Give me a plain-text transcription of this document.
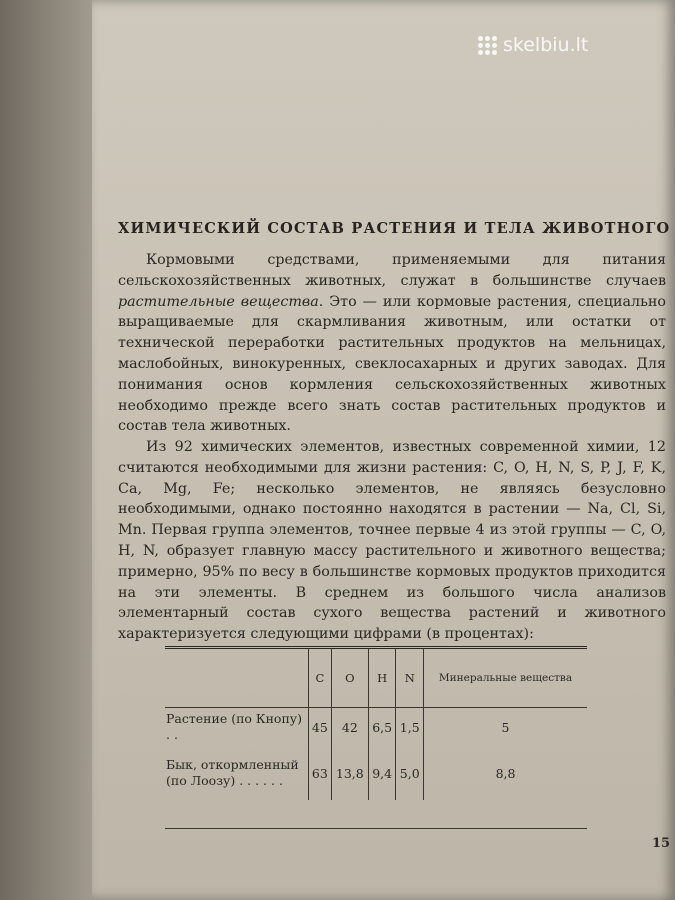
skelbiu.lt
ХИМИЧЕСКИЙ СОСТАВ РАСТЕНИЯ И ТЕЛА ЖИВОТНОГО
Кормовыми средствами, применяемыми для питания сельскохозяйственных животных, служат в большинстве случаев растительные вещества. Это — или кормовые растения, специально выращиваемые для скармливания животным, или остатки от технической переработки растительных продуктов на мельницах, маслобойных, винокуренных, свеклосахарных и других заводах. Для понимания основ кормления сельскохозяйственных животных необходимо прежде всего знать состав растительных продуктов и состав тела животных.
Из 92 химических элементов, известных современной химии, 12 считаются необходимыми для жизни растения: C, O, H, N, S, P, J, F, K, Ca, Mg, Fe; несколько элементов, не являясь безусловно необходимыми, однако постоянно находятся в растении — Na, Cl, Si, Mn. Первая группа элементов, точнее первые 4 из этой группы — C, O, H, N, образует главную массу растительного и животного вещества; примерно, 95% по весу в большинстве кормовых продуктов приходится на эти элементы. В среднем из большого числа анализов элементарный состав сухого вещества растений и животного характеризуется следующими цифрами (в процентах):
	C	O	H	N	Минеральные вещества
Растение (по Кнопу) . .	45	42	6,5	1,5	5
Бык, откормленный (по Лоозу) . . . . . .	63	13,8	9,4	5,0	8,8
15
